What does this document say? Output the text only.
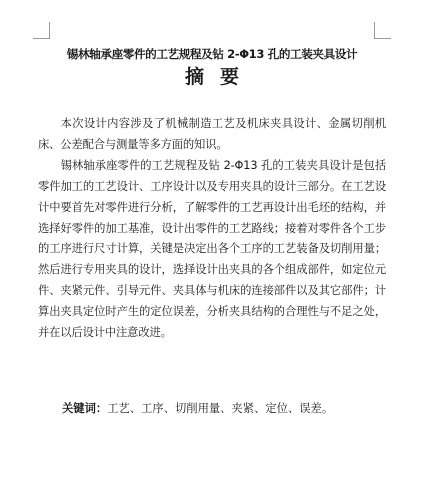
锡林轴承座零件的工艺规程及钻 2-Φ13 孔的工装夹具设计
摘 要

本次设计内容涉及了机械制造工艺及机床夹具设计、金属切削机床、公差配合与测量等多方面的知识。

锡林轴承座零件的工艺规程及钻 2-Φ13 孔的工装夹具设计是包括零件加工的工艺设计、工序设计以及专用夹具的设计三部分。在工艺设计中要首先对零件进行分析，了解零件的工艺再设计出毛坯的结构，并选择好零件的加工基准，设计出零件的工艺路线；接着对零件各个工步的工序进行尺寸计算，关键是决定出各个工序的工艺装备及切削用量；然后进行专用夹具的设计，选择设计出夹具的各个组成部件，如定位元件、夹紧元件、引导元件、夹具体与机床的连接部件以及其它部件；计算出夹具定位时产生的定位误差，分析夹具结构的合理性与不足之处，并在以后设计中注意改进。

关键词：工艺、工序、切削用量、夹紧、定位、误差。
